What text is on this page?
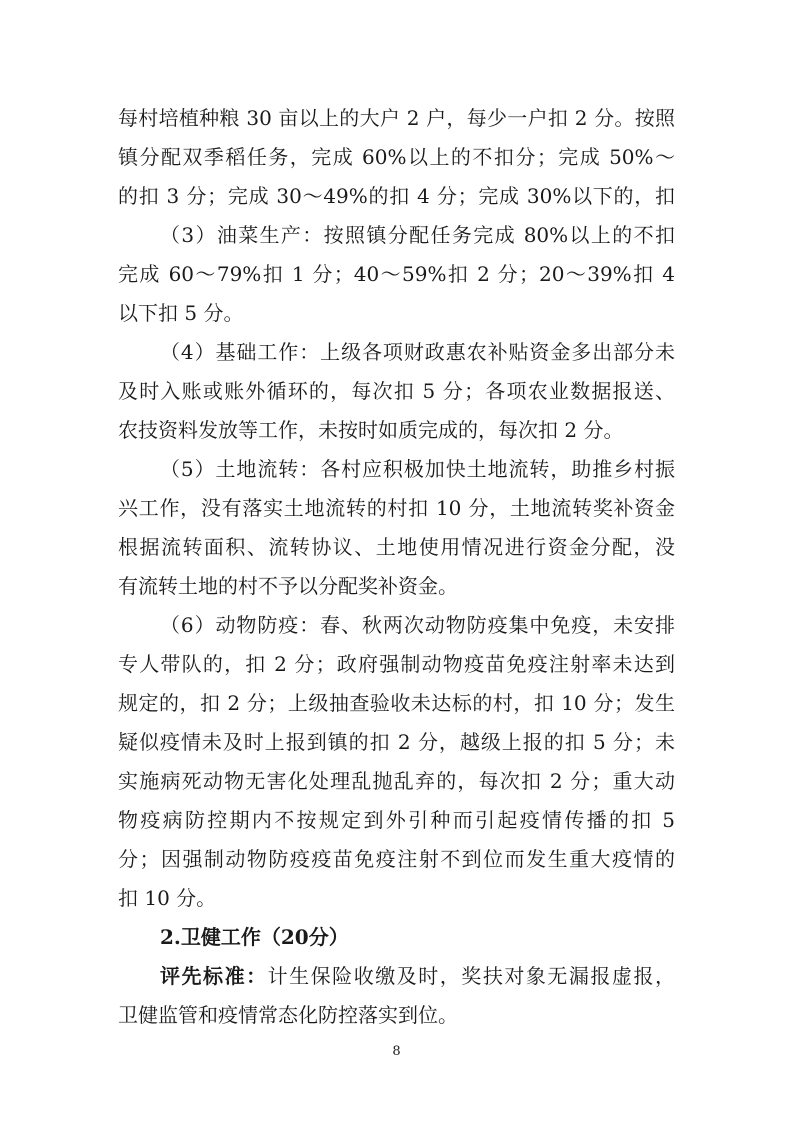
每村培植种粮 30 亩以上的大户 2 户，每少一户扣 2 分。按照
镇分配双季稻任务，完成 60%以上的不扣分；完成 50%～
的扣 3 分；完成 30～49%的扣 4 分；完成 30%以下的，扣
（3）油菜生产：按照镇分配任务完成 80%以上的不扣
完成 60～79%扣 1 分；40～59%扣 2 分；20～39%扣 4
以下扣 5 分。
（4）基础工作：上级各项财政惠农补贴资金多出部分未
及时入账或账外循环的，每次扣 5 分；各项农业数据报送、
农技资料发放等工作，未按时如质完成的，每次扣 2 分。
（5）土地流转：各村应积极加快土地流转，助推乡村振
兴工作，没有落实土地流转的村扣 10 分，土地流转奖补资金
根据流转面积、流转协议、土地使用情况进行资金分配，没
有流转土地的村不予以分配奖补资金。
（6）动物防疫：春、秋两次动物防疫集中免疫，未安排
专人带队的，扣 2 分；政府强制动物疫苗免疫注射率未达到
规定的，扣 2 分；上级抽查验收未达标的村，扣 10 分；发生
疑似疫情未及时上报到镇的扣 2 分，越级上报的扣 5 分；未
实施病死动物无害化处理乱抛乱弃的，每次扣 2 分；重大动
物疫病防控期内不按规定到外引种而引起疫情传播的扣 5
分；因强制动物防疫疫苗免疫注射不到位而发生重大疫情的
扣 10 分。
2.卫健工作（20分）
评先标准：计生保险收缴及时，奖扶对象无漏报虚报，
卫健监管和疫情常态化防控落实到位。
8
